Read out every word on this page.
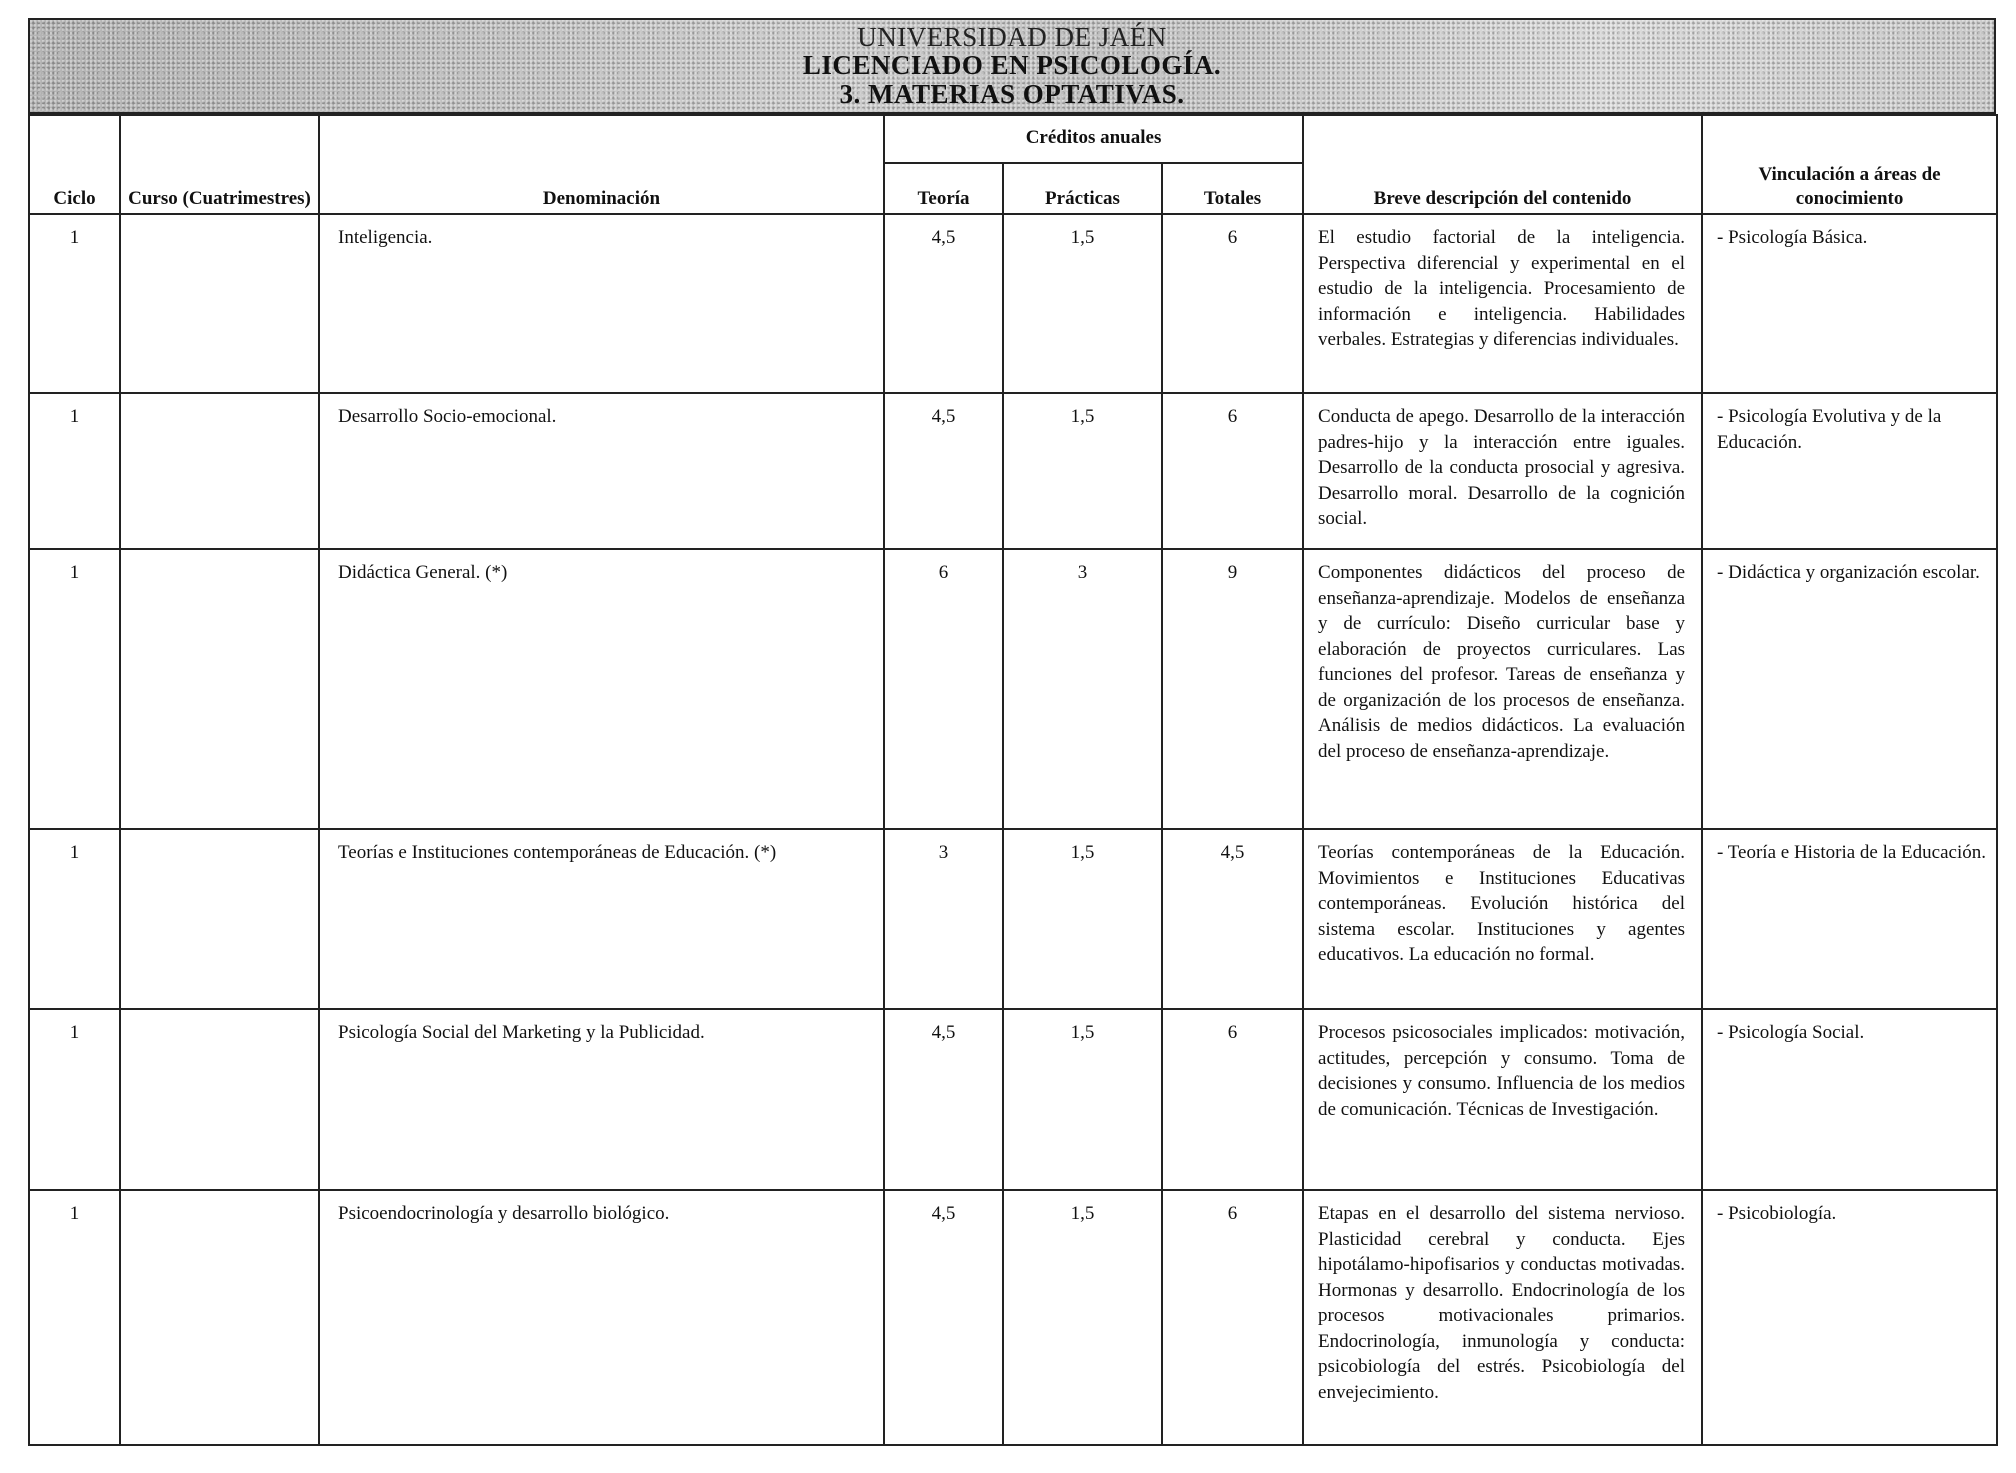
UNIVERSIDAD DE JAÉN
LICENCIADO EN PSICOLOGÍA.
3. MATERIAS OPTATIVAS.
Ciclo	Curso (Cuatrimestres)	Denominación	Créditos anuales			Breve descripción del contenido	Vinculación a áreas de conocimiento
			Teoría	Prácticas	Totales		
1		Inteligencia.	4,5	1,5	6	El estudio factorial de la inteligencia. Perspectiva diferencial y experimental en el estudio de la inteligencia. Procesamiento de información e inteligencia. Habilidades verbales. Estrategias y diferencias individuales.	- Psicología Básica.
1		Desarrollo Socio-emocional.	4,5	1,5	6	Conducta de apego. Desarrollo de la interacción padres-hijo y la interacción entre iguales. Desarrollo de la conducta prosocial y agresiva. Desarrollo moral. Desarrollo de la cognición social.	- Psicología Evolutiva y de la Educación.
1		Didáctica General. (*)	6	3	9	Componentes didácticos del proceso de enseñanza-aprendizaje. Modelos de enseñanza y de currículo: Diseño curricular base y elaboración de proyectos curriculares. Las funciones del profesor. Tareas de enseñanza y de organización de los procesos de enseñanza. Análisis de medios didácticos. La evaluación del proceso de enseñanza-aprendizaje.	- Didáctica y organización escolar.
1		Teorías e Instituciones contemporáneas de Educación. (*)	3	1,5	4,5	Teorías contemporáneas de la Educación. Movimientos e Instituciones Educativas contemporáneas. Evolución histórica del sistema escolar. Instituciones y agentes educativos. La educación no formal.	- Teoría e Historia de la Educación.
1		Psicología Social del Marketing y la Publicidad.	4,5	1,5	6	Procesos psicosociales implicados: motivación, actitudes, percepción y consumo. Toma de decisiones y consumo. Influencia de los medios de comunicación. Técnicas de Investigación.	- Psicología Social.
1		Psicoendocrinología y desarrollo biológico.	4,5	1,5	6	Etapas en el desarrollo del sistema nervioso. Plasticidad cerebral y conducta. Ejes hipotálamo-hipofisarios y conductas motivadas. Hormonas y desarrollo. Endocrinología de los procesos motivacionales primarios. Endocrinología, inmunología y conducta: psicobiología del estrés. Psicobiología del envejecimiento.	- Psicobiología.
